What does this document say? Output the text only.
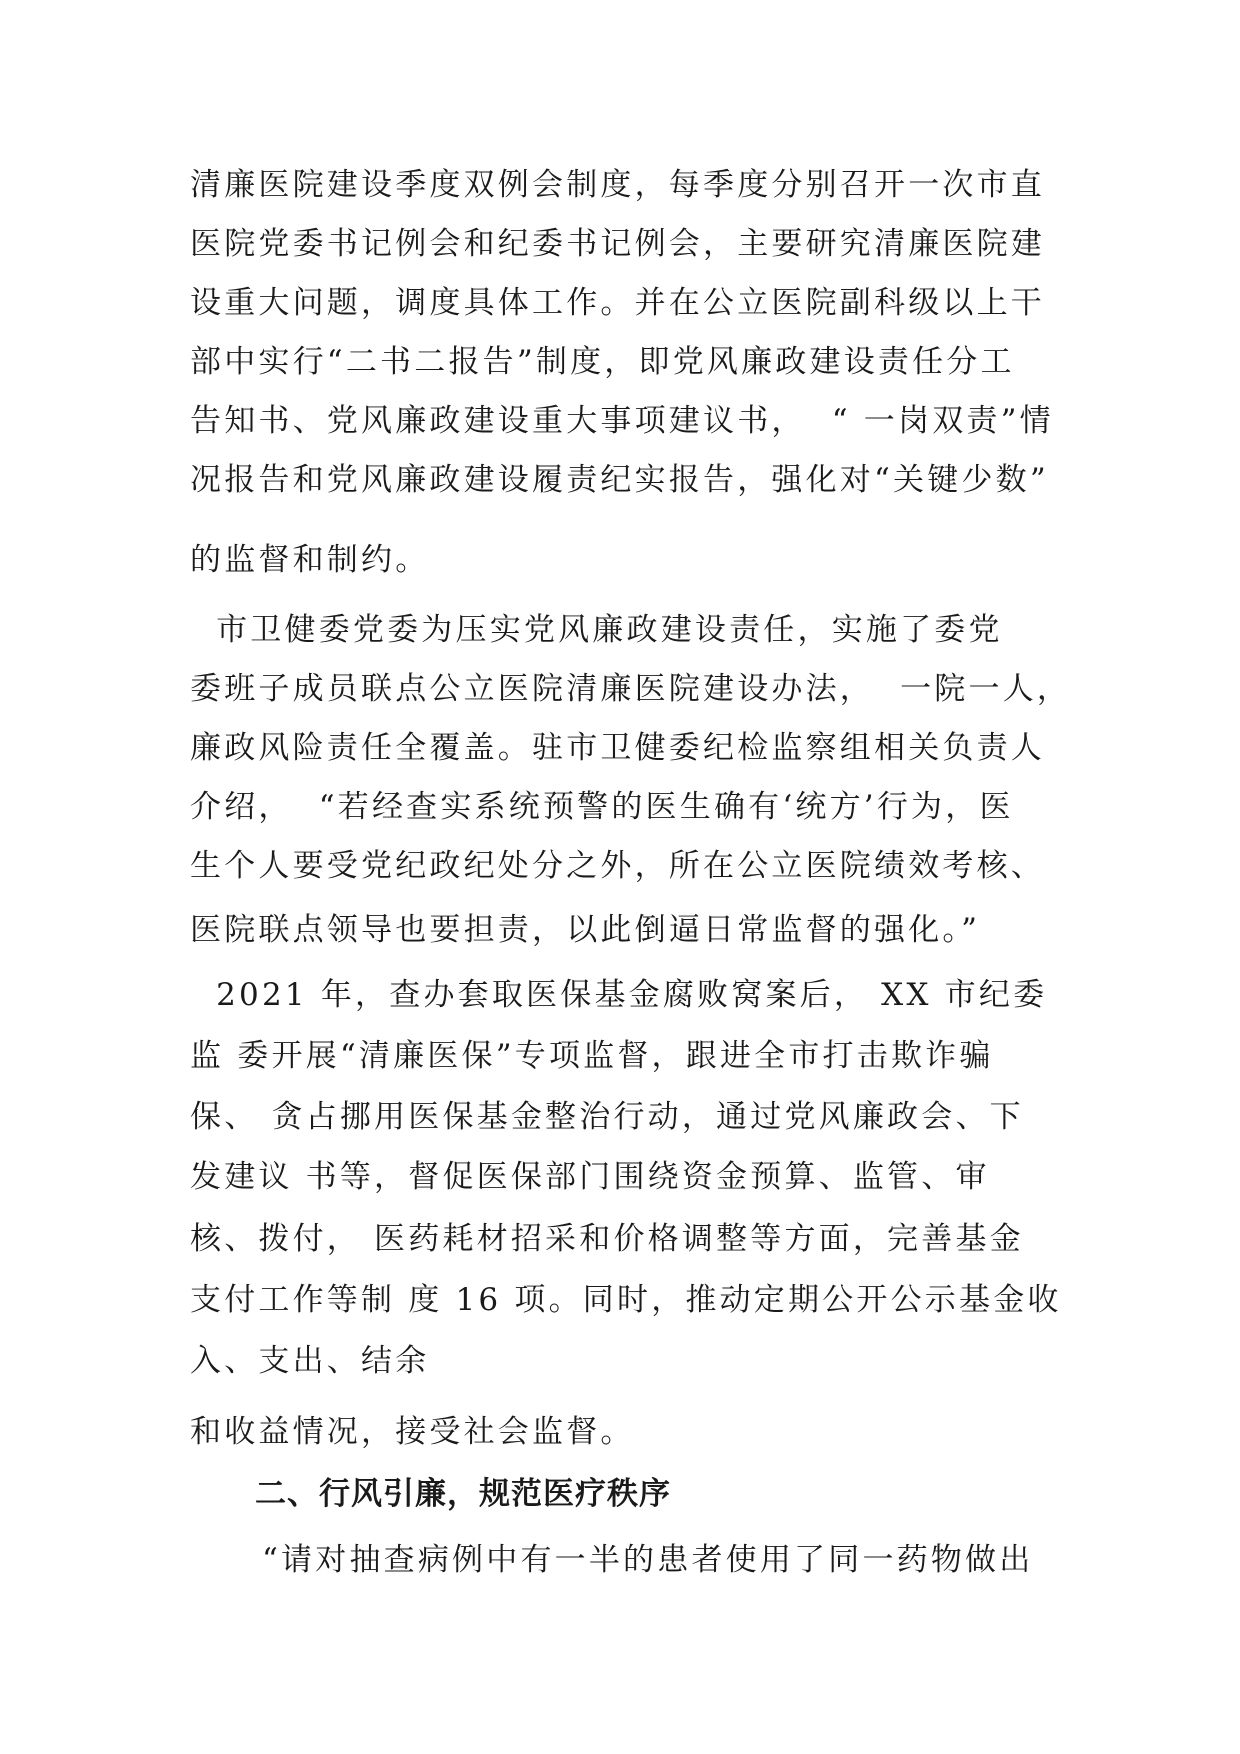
清廉医院建设季度双例会制度，每季度分别召开一次市直

医院党委书记例会和纪委书记例会，主要研究清廉医院建

设重大问题，调度具体工作。并在公立医院副科级以上干

部中实行“二书二报告”制度，即党风廉政建设责任分工

告知书、党风廉政建设重大事项建议书，  “ 一岗双责”情

况报告和党风廉政建设履责纪实报告，强化对“关键少数”

的监督和制约。

市卫健委党委为压实党风廉政建设责任，实施了委党

委班子成员联点公立医院清廉医院建设办法，  一院一人，

廉政风险责任全覆盖。驻市卫健委纪检监察组相关负责人

介绍，  “若经查实系统预警的医生确有‘统方’行为，医

生个人要受党纪政纪处分之外，所在公立医院绩效考核、

医院联点领导也要担责，以此倒逼日常监督的强化。”

2021 年，查办套取医保基金腐败窝案后， XX 市纪委

监 委开展“清廉医保”专项监督，跟进全市打击欺诈骗

保、 贪占挪用医保基金整治行动，通过党风廉政会、下

发建议 书等，督促医保部门围绕资金预算、监管、审

核、拨付， 医药耗材招采和价格调整等方面，完善基金

支付工作等制 度 16 项。同时，推动定期公开公示基金收

入、支出、结余

和收益情况，接受社会监督。

二、行风引廉，规范医疗秩序

“请对抽查病例中有一半的患者使用了同一药物做出
